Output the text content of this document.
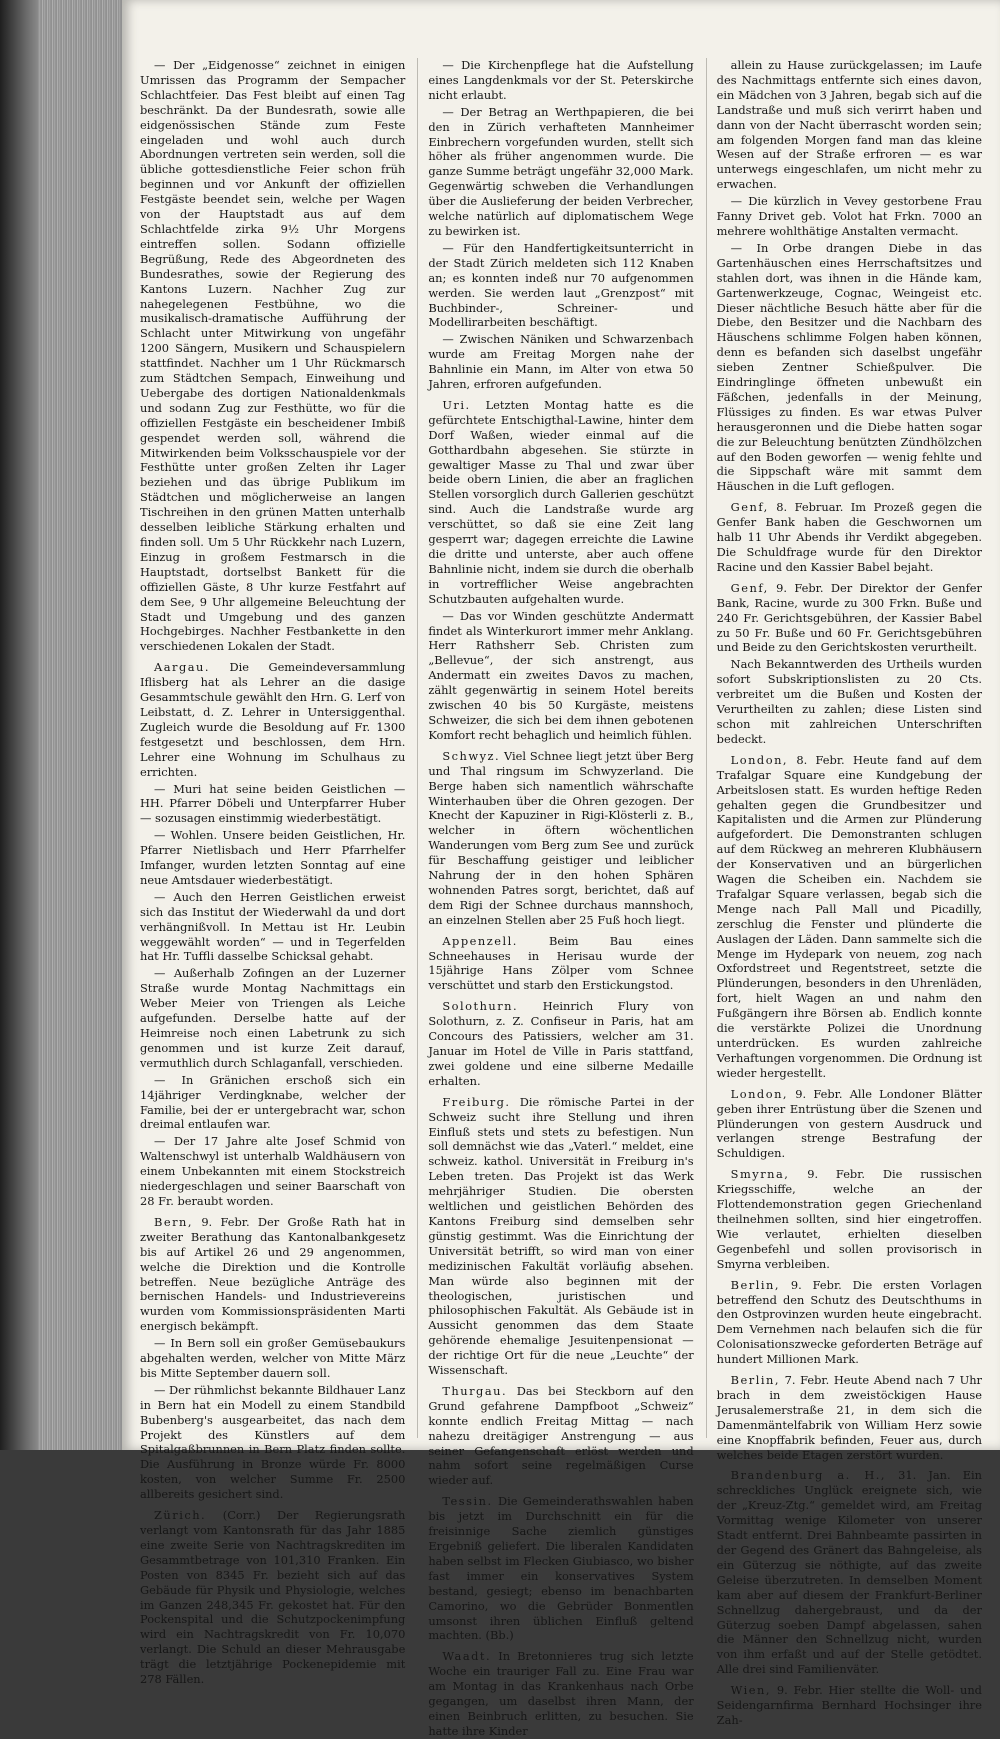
— Der „Eidgenosse“ zeichnet in einigen Umrissen das Programm der Sempacher Schlachtfeier. Das Fest bleibt auf einen Tag beschränkt. Da der Bundesrath, sowie alle eidgenössischen Stände zum Feste eingeladen und wohl auch durch Abordnungen vertreten sein werden, soll die übliche gottesdienstliche Feier schon früh beginnen und vor Ankunft der offiziellen Festgäste beendet sein, welche per Wagen von der Hauptstadt aus auf dem Schlachtfelde zirka 9½ Uhr Morgens eintreffen sollen. Sodann offizielle Begrüßung, Rede des Abgeordneten des Bundesrathes, sowie der Regierung des Kantons Luzern. Nachher Zug zur nahegelegenen Festbühne, wo die musikalisch-dramatische Aufführung der Schlacht unter Mitwirkung von ungefähr 1200 Sängern, Musikern und Schauspielern stattfindet. Nachher um 1 Uhr Rückmarsch zum Städtchen Sempach, Einweihung und Uebergabe des dortigen Nationaldenkmals und sodann Zug zur Festhütte, wo für die offiziellen Festgäste ein bescheidener Imbiß gespendet werden soll, während die Mitwirkenden beim Volksschauspiele vor der Festhütte unter großen Zelten ihr Lager beziehen und das übrige Publikum im Städtchen und möglicherweise an langen Tischreihen in den grünen Matten unterhalb desselben leibliche Stärkung erhalten und finden soll. Um 5 Uhr Rückkehr nach Luzern, Einzug in großem Festmarsch in die Hauptstadt, dortselbst Bankett für die offiziellen Gäste, 8 Uhr kurze Festfahrt auf dem See, 9 Uhr allgemeine Beleuchtung der Stadt und Umgebung und des ganzen Hochgebirges. Nachher Festbankette in den verschiedenen Lokalen der Stadt.

Aargau. Die Gemeindeversammlung Iflisberg hat als Lehrer an die dasige Gesammtschule gewählt den Hrn. G. Lerf von Leibstatt, d. Z. Lehrer in Untersiggenthal. Zugleich wurde die Besoldung auf Fr. 1300 festgesetzt und beschlossen, dem Hrn. Lehrer eine Wohnung im Schulhaus zu errichten.

— Muri hat seine beiden Geistlichen — HH. Pfarrer Döbeli und Unterpfarrer Huber — sozusagen einstimmig wiederbestätigt.

— Wohlen. Unsere beiden Geistlichen, Hr. Pfarrer Nietlisbach und Herr Pfarrhelfer Imfanger, wurden letzten Sonntag auf eine neue Amtsdauer wiederbestätigt.

— Auch den Herren Geistlichen erweist sich das Institut der Wiederwahl da und dort verhängnißvoll. In Mettau ist Hr. Leubin weggewählt worden“ — und in Tegerfelden hat Hr. Tuffli dasselbe Schicksal gehabt.

— Außerhalb Zofingen an der Luzerner Straße wurde Montag Nachmittags ein Weber Meier von Triengen als Leiche aufgefunden. Derselbe hatte auf der Heimreise noch einen Labetrunk zu sich genommen und ist kurze Zeit darauf, vermuthlich durch Schlaganfall, verschieden.

— In Gränichen erschoß sich ein 14jähriger Verdingknabe, welcher der Familie, bei der er untergebracht war, schon dreimal entlaufen war.

— Der 17 Jahre alte Josef Schmid von Waltenschwyl ist unterhalb Waldhäusern von einem Unbekannten mit einem Stockstreich niedergeschlagen und seiner Baarschaft von 28 Fr. beraubt worden.

Bern, 9. Febr. Der Große Rath hat in zweiter Berathung das Kantonalbankgesetz bis auf Artikel 26 und 29 angenommen, welche die Direktion und die Kontrolle betreffen. Neue bezügliche Anträge des bernischen Handels- und Industrievereins wurden vom Kommissionspräsidenten Marti energisch bekämpft.

— In Bern soll ein großer Gemüsebaukurs abgehalten werden, welcher von Mitte März bis Mitte September dauern soll.

— Der rühmlichst bekannte Bildhauer Lanz in Bern hat ein Modell zu einem Standbild Bubenberg's ausgearbeitet, das nach dem Projekt des Künstlers auf dem Spitalgaßbrunnen in Bern Platz finden sollte. Die Ausführung in Bronze würde Fr. 8000 kosten, von welcher Summe Fr. 2500 allbereits gesichert sind.

Zürich. (Corr.) Der Regierungsrath verlangt vom Kantonsrath für das Jahr 1885 eine zweite Serie von Nachtragskrediten im Gesammtbetrage von 101,310 Franken. Ein Posten von 8345 Fr. bezieht sich auf das Gebäude für Physik und Physiologie, welches im Ganzen 248,345 Fr. gekostet hat. Für den Pockenspital und die Schutzpockenimpfung wird ein Nachtragskredit von Fr. 10,070 verlangt. Die Schuld an dieser Mehrausgabe trägt die letztjährige Pockenepidemie mit 278 Fällen.

— Die Kirchenpflege hat die Aufstellung eines Langdenkmals vor der St. Peterskirche nicht erlaubt.

— Der Betrag an Werthpapieren, die bei den in Zürich verhafteten Mannheimer Einbrechern vorgefunden wurden, stellt sich höher als früher angenommen wurde. Die ganze Summe beträgt ungefähr 32,000 Mark. Gegenwärtig schweben die Verhandlungen über die Auslieferung der beiden Verbrecher, welche natürlich auf diplomatischem Wege zu bewirken ist.

— Für den Handfertigkeitsunterricht in der Stadt Zürich meldeten sich 112 Knaben an; es konnten indeß nur 70 aufgenommen werden. Sie werden laut „Grenzpost“ mit Buchbinder-, Schreiner- und Modellirarbeiten beschäftigt.

— Zwischen Näniken und Schwarzenbach wurde am Freitag Morgen nahe der Bahnlinie ein Mann, im Alter von etwa 50 Jahren, erfroren aufgefunden.

Uri. Letzten Montag hatte es die gefürchtete Entschigthal-Lawine, hinter dem Dorf Waßen, wieder einmal auf die Gotthardbahn abgesehen. Sie stürzte in gewaltiger Masse zu Thal und zwar über beide obern Linien, die aber an fraglichen Stellen vorsorglich durch Gallerien geschützt sind. Auch die Landstraße wurde arg verschüttet, so daß sie eine Zeit lang gesperrt war; dagegen erreichte die Lawine die dritte und unterste, aber auch offene Bahnlinie nicht, indem sie durch die oberhalb in vortrefflicher Weise angebrachten Schutzbauten aufgehalten wurde.

— Das vor Winden geschützte Andermatt findet als Winterkurort immer mehr Anklang. Herr Rathsherr Seb. Christen zum „Bellevue“, der sich anstrengt, aus Andermatt ein zweites Davos zu machen, zählt gegenwärtig in seinem Hotel bereits zwischen 40 bis 50 Kurgäste, meistens Schweizer, die sich bei dem ihnen gebotenen Komfort recht behaglich und heimlich fühlen.

Schwyz. Viel Schnee liegt jetzt über Berg und Thal ringsum im Schwyzerland. Die Berge haben sich namentlich währschafte Winterhauben über die Ohren gezogen. Der Knecht der Kapuziner in Rigi-Klösterli z. B., welcher in öftern wöchentlichen Wanderungen vom Berg zum See und zurück für Beschaffung geistiger und leiblicher Nahrung der in den hohen Sphären wohnenden Patres sorgt, berichtet, daß auf dem Rigi der Schnee durchaus mannshoch, an einzelnen Stellen aber 25 Fuß hoch liegt.

Appenzell.	Beim Bau eines Schneehauses in Herisau wurde der 15jährige Hans Zölper vom Schnee verschüttet und starb den Erstickungstod.

Solothurn. Heinrich Flury von Solothurn, z. Z. Confiseur in Paris, hat am Concours des Patissiers, welcher am 31. Januar im Hotel de Ville in Paris stattfand, zwei goldene und eine silberne Medaille erhalten.

Freiburg. Die römische Partei in der Schweiz sucht ihre Stellung und ihren Einfluß stets und stets zu befestigen. Nun soll demnächst wie das „Vaterl.“ meldet, eine schweiz. kathol. Universität in Freiburg in's Leben treten. Das Projekt ist das Werk mehrjähriger Studien. Die obersten weltlichen und geistlichen Behörden des Kantons Freiburg sind demselben sehr günstig gestimmt. Was die Einrichtung der Universität betrifft, so wird man von einer medizinischen Fakultät vorläufig absehen. Man würde also beginnen mit der theologischen, juristischen und philosophischen Fakultät. Als Gebäude ist in Aussicht genommen das dem Staate gehörende ehemalige Jesuitenpensionat — der richtige Ort für die neue „Leuchte“ der Wissenschaft.

Thurgau. Das bei Steckborn auf den Grund gefahrene Dampfboot „Schweiz“ konnte endlich Freitag Mittag — nach nahezu dreitägiger Anstrengung — aus seiner Gefangenschaft erlöst werden und nahm sofort seine regelmäßigen Curse wieder auf.

Tessin. Die Gemeinderathswahlen haben bis jetzt im Durchschnitt ein für die freisinnige Sache ziemlich günstiges Ergebniß geliefert. Die liberalen Kandidaten haben selbst im Flecken Giubiasco, wo bisher fast immer ein konservatives System bestand, gesiegt; ebenso im benachbarten Camorino, wo die Gebrüder Bonmentlen umsonst ihren üblichen Einfluß geltend machten. (Bb.)

Waadt. In Bretonnieres trug sich letzte Woche ein trauriger Fall zu. Eine Frau war am Montag in das Krankenhaus nach Orbe gegangen, um daselbst ihren Mann, der einen Beinbruch erlitten, zu besuchen. Sie hatte ihre Kinder

allein zu Hause zurückgelassen; im Laufe des Nachmittags entfernte sich eines davon, ein Mädchen von 3 Jahren, begab sich auf die Landstraße und muß sich verirrt haben und dann von der Nacht überrascht worden sein; am folgenden Morgen fand man das kleine Wesen auf der Straße erfroren — es war unterwegs eingeschlafen, um nicht mehr zu erwachen.

— Die kürzlich in Vevey gestorbene Frau Fanny Drivet geb. Volot hat Frkn. 7000 an mehrere wohlthätige Anstalten vermacht.

— In Orbe drangen Diebe in das Gartenhäuschen eines Herrschaftsitzes und stahlen dort, was ihnen in die Hände kam, Gartenwerkzeuge, Cognac, Weingeist etc. Dieser nächtliche Besuch hätte aber für die Diebe, den Besitzer und die Nachbarn des Häuschens schlimme Folgen haben können, denn es befanden sich daselbst ungefähr sieben Zentner Schießpulver. Die Eindringlinge öffneten unbewußt ein Fäßchen, jedenfalls in der Meinung, Flüssiges zu finden. Es war etwas Pulver herausgeronnen und die Diebe hatten sogar die zur Beleuchtung benützten Zündhölzchen auf den Boden geworfen — wenig fehlte und die Sippschaft wäre mit sammt dem Häuschen in die Luft geflogen.

Genf, 8. Februar. Im Prozeß gegen die Genfer Bank haben die Geschwornen um halb 11 Uhr Abends ihr Verdikt abgegeben. Die Schuldfrage wurde für den Direktor Racine und den Kassier Babel bejaht.

Genf, 9. Febr. Der Direktor der Genfer Bank, Racine, wurde zu 300 Frkn. Buße und 240 Fr. Gerichtsgebühren, der Kassier Babel zu 50 Fr. Buße und 60 Fr. Gerichtsgebühren und Beide zu den Gerichtskosten verurtheilt.

Nach Bekanntwerden des Urtheils wurden sofort Subskriptionslisten zu 20 Cts. verbreitet um die Bußen und Kosten der Verurtheilten zu zahlen; diese Listen sind schon mit zahlreichen Unterschriften bedeckt.

London, 8. Febr. Heute fand auf dem Trafalgar Square eine Kundgebung der Arbeitslosen statt. Es wurden heftige Reden gehalten gegen die Grundbesitzer und Kapitalisten und die Armen zur Plünderung aufgefordert. Die Demonstranten schlugen auf dem Rückweg an mehreren Klubhäusern der Konservativen und an bürgerlichen Wagen die Scheiben ein. Nachdem sie Trafalgar Square verlassen, begab sich die Menge nach Pall Mall und Picadilly, zerschlug die Fenster und plünderte die Auslagen der Läden. Dann sammelte sich die Menge im Hydepark von neuem, zog nach Oxfordstreet und Regentstreet, setzte die Plünderungen, besonders in den Uhrenläden, fort, hielt Wagen an und nahm den Fußgängern ihre Börsen ab. Endlich konnte die verstärkte Polizei die Unordnung unterdrücken. Es wurden zahlreiche Verhaftungen vorgenommen. Die Ordnung ist wieder hergestellt.

London, 9. Febr. Alle Londoner Blätter geben ihrer Entrüstung über die Szenen und Plünderungen von gestern Ausdruck und verlangen strenge Bestrafung der Schuldigen.

Smyrna, 9. Febr. Die russischen Kriegsschiffe, welche an der Flottendemonstration gegen Griechenland theilnehmen sollten, sind hier eingetroffen. Wie verlautet, erhielten dieselben Gegenbefehl und sollen provisorisch in Smyrna verbleiben.

Berlin, 9. Febr. Die ersten Vorlagen betreffend den Schutz des Deutschthums in den Ostprovinzen wurden heute eingebracht. Dem Vernehmen nach belaufen sich die für Colonisationszwecke geforderten Beträge auf hundert Millionen Mark.

Berlin, 7. Febr. Heute Abend nach 7 Uhr brach in dem zweistöckigen Hause Jerusalemerstraße 21, in dem sich die Damenmäntelfabrik von William Herz sowie eine Knopffabrik befinden, Feuer aus, durch welches beide Etagen zerstört wurden.

Brandenburg a. H., 31. Jan. Ein schreckliches Unglück ereignete sich, wie der „Kreuz-Ztg.“ gemeldet wird, am Freitag Vormittag wenige Kilometer von unserer Stadt entfernt. Drei Bahnbeamte passirten in der Gegend des Gränert das Bahngeleise, als ein Güterzug sie nöthigte, auf das zweite Geleise überzutreten. In demselben Moment kam aber auf diesem der Frankfurt-Berliner Schnellzug dahergebraust, und da der Güterzug soeben Dampf abgelassen, sahen die Männer den Schnellzug nicht, wurden von ihm erfaßt und auf der Stelle getödtet. Alle drei sind Familienväter.

Wien, 9. Febr. Hier stellte die Woll- und Seidengarnfirma Bernhard Hochsinger ihre Zah-
